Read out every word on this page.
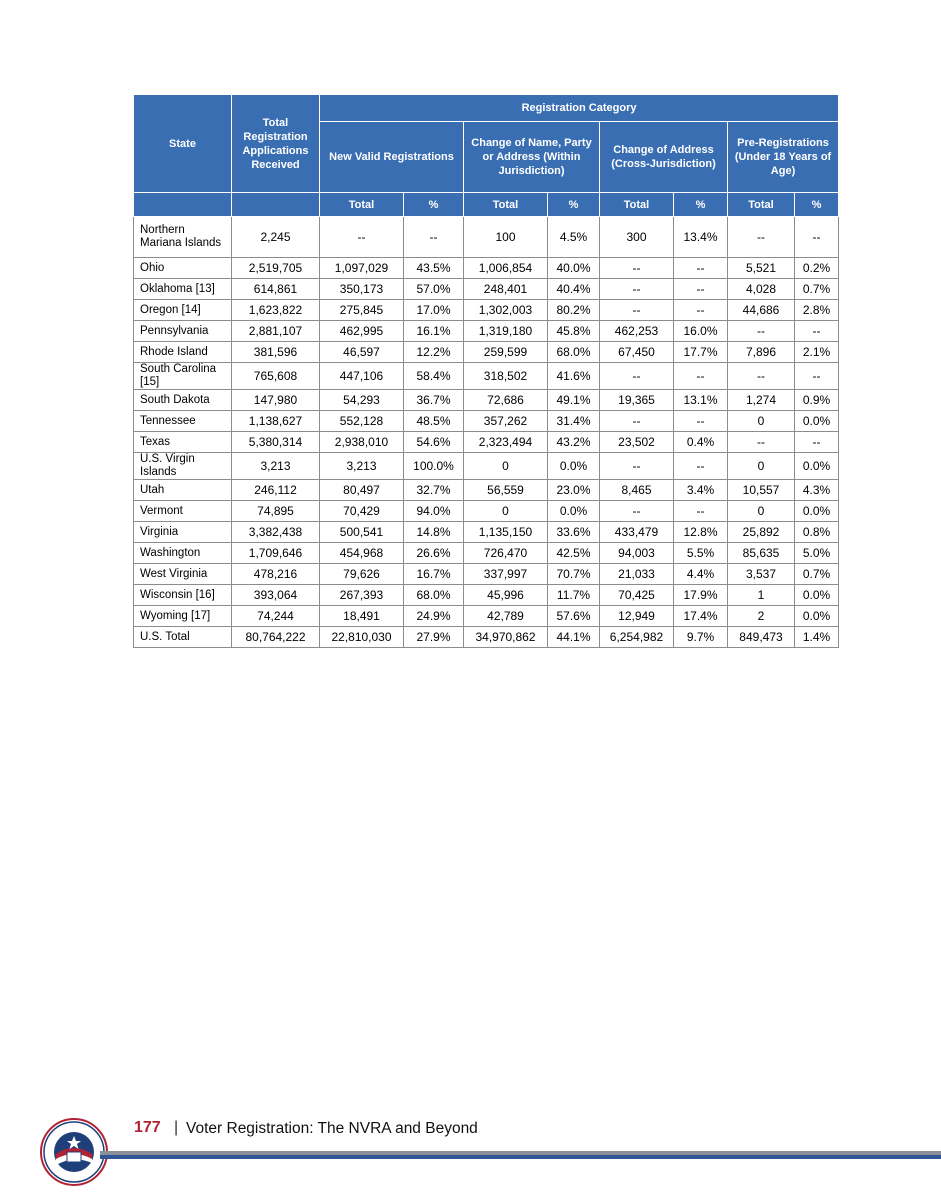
State	Total Registration Applications Received	Registration Category							
		New Valid Registrations		Change of Name, Party or Address (Within Jurisdiction)		Change of Address (Cross-Jurisdiction)		Pre-Registrations (Under 18 Years of Age)	
		Total	%	Total	%	Total	%	Total	%
Northern Mariana Islands	2,245	--	--	100	4.5%	300	13.4%	--	--
Ohio	2,519,705	1,097,029	43.5%	1,006,854	40.0%	--	--	5,521	0.2%
Oklahoma [13]	614,861	350,173	57.0%	248,401	40.4%	--	--	4,028	0.7%
Oregon [14]	1,623,822	275,845	17.0%	1,302,003	80.2%	--	--	44,686	2.8%
Pennsylvania	2,881,107	462,995	16.1%	1,319,180	45.8%	462,253	16.0%	--	--
Rhode Island	381,596	46,597	12.2%	259,599	68.0%	67,450	17.7%	7,896	2.1%
South Carolina [15]	765,608	447,106	58.4%	318,502	41.6%	--	--	--	--
South Dakota	147,980	54,293	36.7%	72,686	49.1%	19,365	13.1%	1,274	0.9%
Tennessee	1,138,627	552,128	48.5%	357,262	31.4%	--	--	0	0.0%
Texas	5,380,314	2,938,010	54.6%	2,323,494	43.2%	23,502	0.4%	--	--
U.S. Virgin Islands	3,213	3,213	100.0%	0	0.0%	--	--	0	0.0%
Utah	246,112	80,497	32.7%	56,559	23.0%	8,465	3.4%	10,557	4.3%
Vermont	74,895	70,429	94.0%	0	0.0%	--	--	0	0.0%
Virginia	3,382,438	500,541	14.8%	1,135,150	33.6%	433,479	12.8%	25,892	0.8%
Washington	1,709,646	454,968	26.6%	726,470	42.5%	94,003	5.5%	85,635	5.0%
West Virginia	478,216	79,626	16.7%	337,997	70.7%	21,033	4.4%	3,537	0.7%
Wisconsin [16]	393,064	267,393	68.0%	45,996	11.7%	70,425	17.9%	1	0.0%
Wyoming [17]	74,244	18,491	24.9%	42,789	57.6%	12,949	17.4%	2	0.0%
U.S. Total	80,764,222	22,810,030	27.9%	34,970,862	44.1%	6,254,982	9.7%	849,473	1.4%
177 | Voter Registration: The NVRA and Beyond
